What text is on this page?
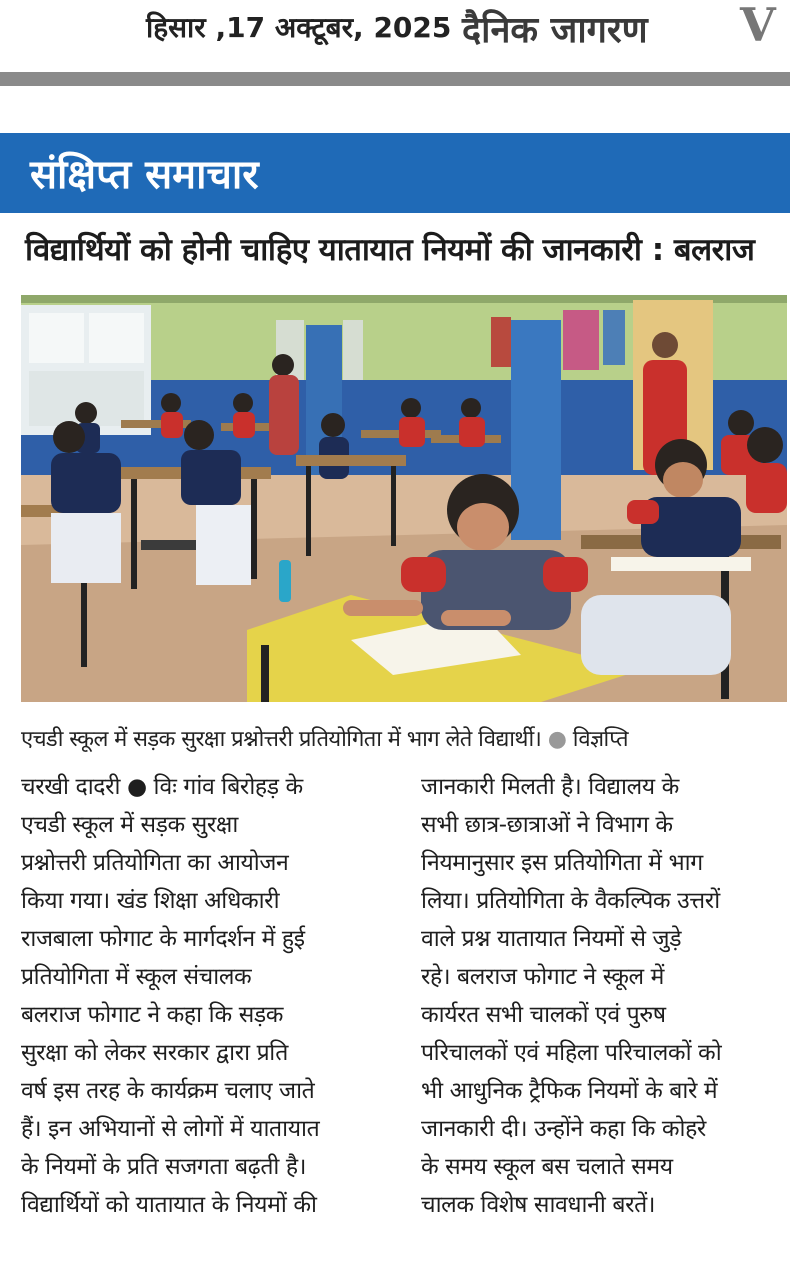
हिसार ,17 अक्टूबर, 2025 दैनिक जागरण V
संक्षिप्त समाचार
विद्यार्थियों को होनी चाहिए यातायात नियमों की जानकारी : बलराज
एचडी स्कूल में सड़क सुरक्षा प्रश्नोत्तरी प्रतियोगिता में भाग लेते विद्यार्थी। ● विज्ञप्ति
चरखी दादरी ● विः गांव बिरोहड़ के
एचडी स्कूल में सड़क सुरक्षा
प्रश्नोत्तरी प्रतियोगिता का आयोजन
किया गया। खंड शिक्षा अधिकारी
राजबाला फोगाट के मार्गदर्शन में हुई
प्रतियोगिता में स्कूल संचालक
बलराज फोगाट ने कहा कि सड़क
सुरक्षा को लेकर सरकार द्वारा प्रति
वर्ष इस तरह के कार्यक्रम चलाए जाते
हैं। इन अभियानों से लोगों में यातायात
के नियमों के प्रति सजगता बढ़ती है।
विद्यार्थियों को यातायात के नियमों की
जानकारी मिलती है। विद्यालय के
सभी छात्र-छात्राओं ने विभाग के
नियमानुसार इस प्रतियोगिता में भाग
लिया। प्रतियोगिता के वैकल्पिक उत्तरों
वाले प्रश्न यातायात नियमों से जुड़े
रहे। बलराज फोगाट ने स्कूल में
कार्यरत सभी चालकों एवं पुरुष
परिचालकों एवं महिला परिचालकों को
भी आधुनिक ट्रैफिक नियमों के बारे में
जानकारी दी। उन्होंने कहा कि कोहरे
के समय स्कूल बस चलाते समय
चालक विशेष सावधानी बरतें।
